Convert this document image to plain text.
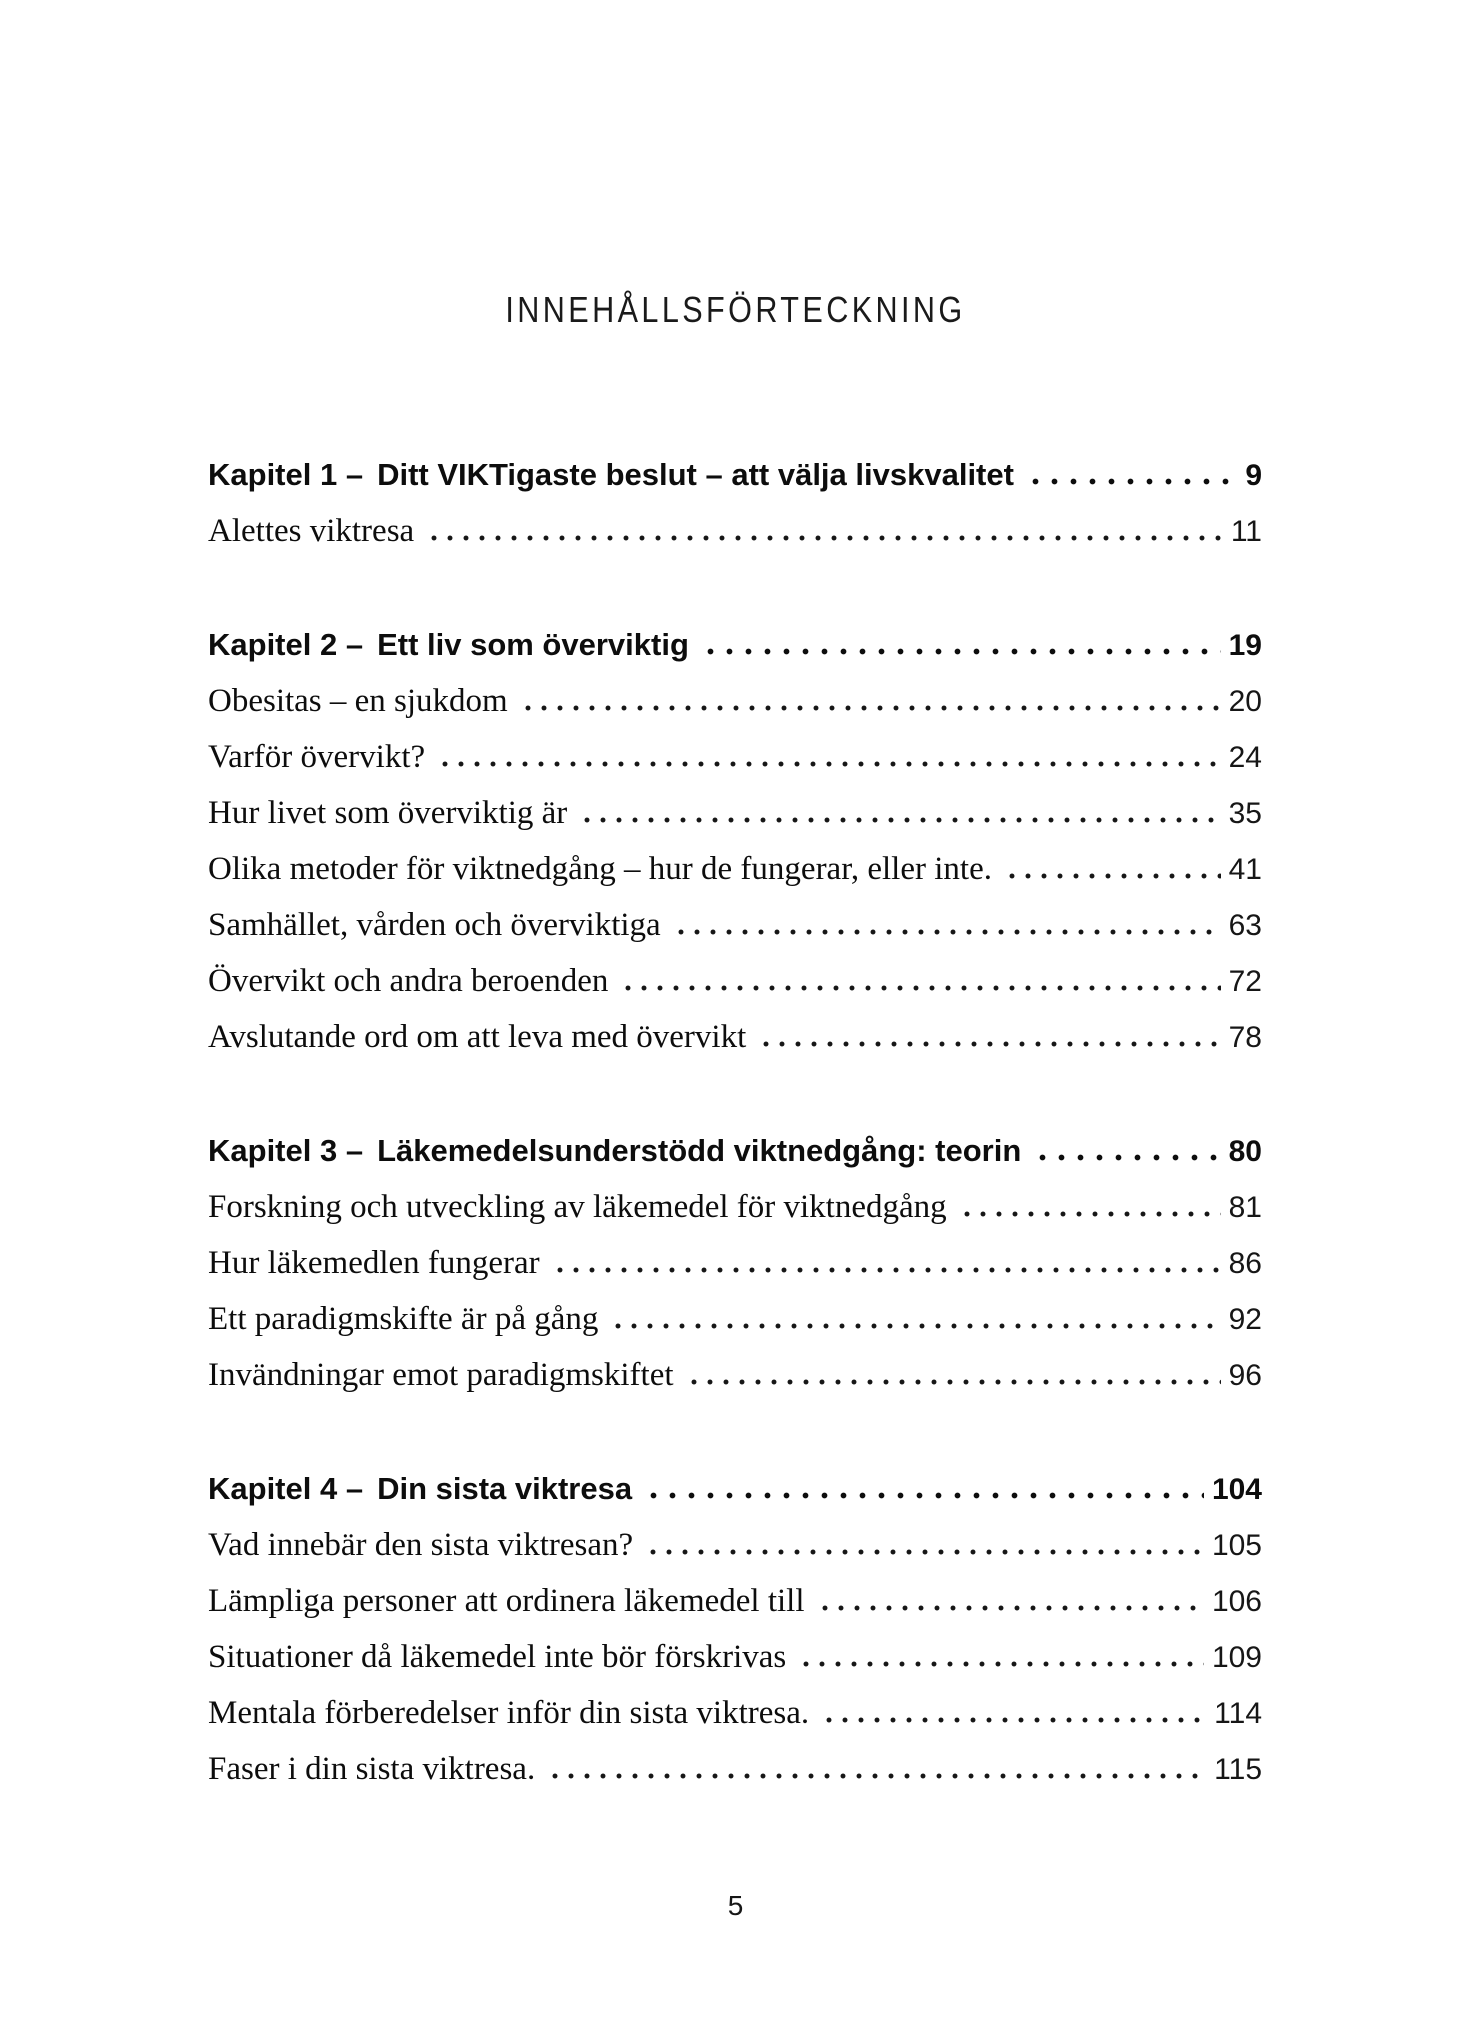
INNEHÅLLSFÖRTECKNING
Kapitel 1 – Ditt VIKTigaste beslut – att välja livskvalitet	9
Alettes viktresa	11
Kapitel 2 – Ett liv som överviktig	19
Obesitas – en sjukdom	20
Varför övervikt?	24
Hur livet som överviktig är	35
Olika metoder för viktnedgång – hur de fungerar, eller inte.	41
Samhället, vården och överviktiga	63
Övervikt och andra beroenden	72
Avslutande ord om att leva med övervikt	78
Kapitel 3 – Läkemedelsunderstödd viktnedgång: teorin	80
Forskning och utveckling av läkemedel för viktnedgång	81
Hur läkemedlen fungerar	86
Ett paradigmskifte är på gång	92
Invändningar emot paradigmskiftet	96
Kapitel 4 – Din sista viktresa	104
Vad innebär den sista viktresan?	105
Lämpliga personer att ordinera läkemedel till	106
Situationer då läkemedel inte bör förskrivas	109
Mentala förberedelser inför din sista viktresa.	114
Faser i din sista viktresa.	115
5
